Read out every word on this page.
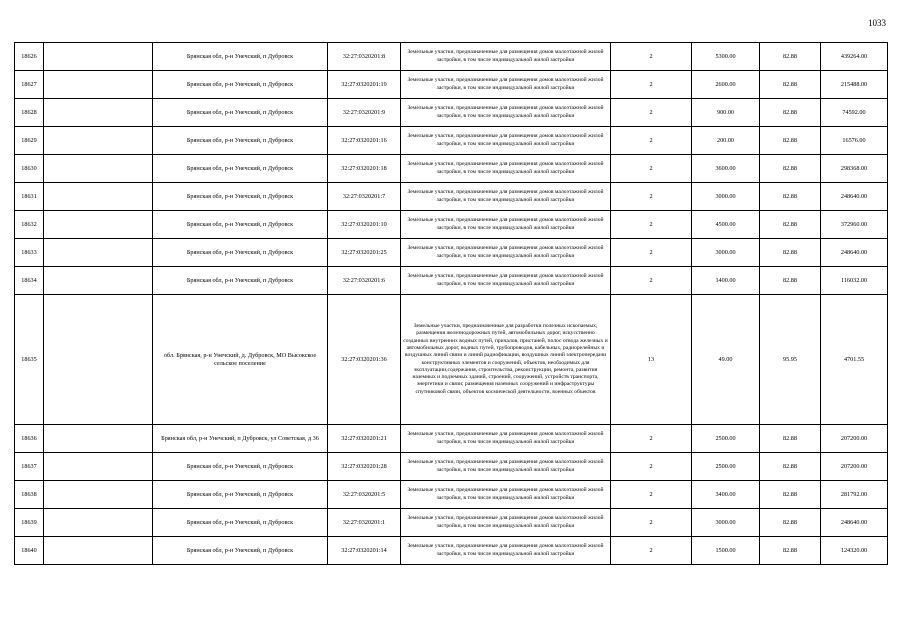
1033
18626		Брянская обл, р-н Унечский, п Дубровск	32:27:0320201:8	Земельные участки, предназначенные для размещения домов малоэтажной жилой застройки, в том числе индивидуальной жилой застройки	2	5300.00	82.88	439264.00
18627		Брянская обл, р-н Унечский, п Дубровск	32:27:0320201:19	Земельные участки, предназначенные для размещения домов малоэтажной жилой застройки, в том числе индивидуальной жилой застройки	2	2600.00	82.88	215488.00
18628		Брянская обл, р-н Унечский, п Дубровск	32:27:0320201:9	Земельные участки, предназначенные для размещения домов малоэтажной жилой застройки, в том числе индивидуальной жилой застройки	2	900.00	82.88	74592.00
18629		Брянская обл, р-н Унечский, п Дубровск	32:27:0320201:16	Земельные участки, предназначенные для размещения домов малоэтажной жилой застройки, в том числе индивидуальной жилой застройки	2	200.00	82.88	16576.00
18630		Брянская обл, р-н Унечский, п Дубровск	32:27:0320201:18	Земельные участки, предназначенные для размещения домов малоэтажной жилой застройки, в том числе индивидуальной жилой застройки	2	3600.00	82.88	298368.00
18631		Брянская обл, р-н Унечский, п Дубровск	32:27:0320201:7	Земельные участки, предназначенные для размещения домов малоэтажной жилой застройки, в том числе индивидуальной жилой застройки	2	3000.00	82.88	248640.00
18632		Брянская обл, р-н Унечский, п Дубровск	32:27:0320201:10	Земельные участки, предназначенные для размещения домов малоэтажной жилой застройки, в том числе индивидуальной жилой застройки	2	4500.00	82.88	372960.00
18633		Брянская обл, р-н Унечский, п Дубровск	32:27:0320201:25	Земельные участки, предназначенные для размещения домов малоэтажной жилой застройки, в том числе индивидуальной жилой застройки	2	3000.00	82.88	248640.00
18634		Брянская обл, р-н Унечский, п Дубровск	32:27:0320201:6	Земельные участки, предназначенные для размещения домов малоэтажной жилой застройки, в том числе индивидуальной жилой застройки	2	1400.00	82.88	116032.00
18635		обл. Брянская, р-н Унечский, д. Дубровск, МО Высокское сельское поселение	32:27:0320201:36	Земельные участки, предназначенные для разработки полезных ископаемых, размещения железнодорожных путей, автомобильных дорог, искусственно созданных внутренних водных путей, причалов, пристаней, полос отвода железных и автомобильных дорог, водных путей, трубопроводов, кабельных, радиорелейных и воздушных линий связи и линий радиофикации, воздушных линий электропередачи конструктивных элементов и сооружений, объектов, необходимых для эксплуатации,содержания, строительства, реконструкции, ремонта, развития наземных и подземных зданий, строений, сооружений, устройств транспорта, энергетики и связи; размещения наземных сооружений и инфраструктуры спутниковой связи, объектов космической деятельности, военных объектов	13	49.00	95.95	4701.55
18636		Брянская обл, р-н Унечский, п Дубровск, ул Советская, д 36	32:27:0320201:21	Земельные участки, предназначенные для размещения домов малоэтажной жилой застройки, в том числе индивидуальной жилой застройки	2	2500.00	82.88	207200.00
18637		Брянская обл, р-н Унечский, п Дубровск	32:27:0320201:28	Земельные участки, предназначенные для размещения домов малоэтажной жилой застройки, в том числе индивидуальной жилой застройки	2	2500.00	82.88	207200.00
18638		Брянская обл, р-н Унечский, п Дубровск	32:27:0320201:5	Земельные участки, предназначенные для размещения домов малоэтажной жилой застройки, в том числе индивидуальной жилой застройки	2	3400.00	82.88	281792.00
18639		Брянская обл, р-н Унечский, п Дубровск	32:27:0320201:1	Земельные участки, предназначенные для размещения домов малоэтажной жилой застройки, в том числе индивидуальной жилой застройки	2	3000.00	82.88	248640.00
18640		Брянская обл, р-н Унечский, п Дубровск	32:27:0320201:14	Земельные участки, предназначенные для размещения домов малоэтажной жилой застройки, в том числе индивидуальной жилой застройки	2	1500.00	82.88	124320.00
